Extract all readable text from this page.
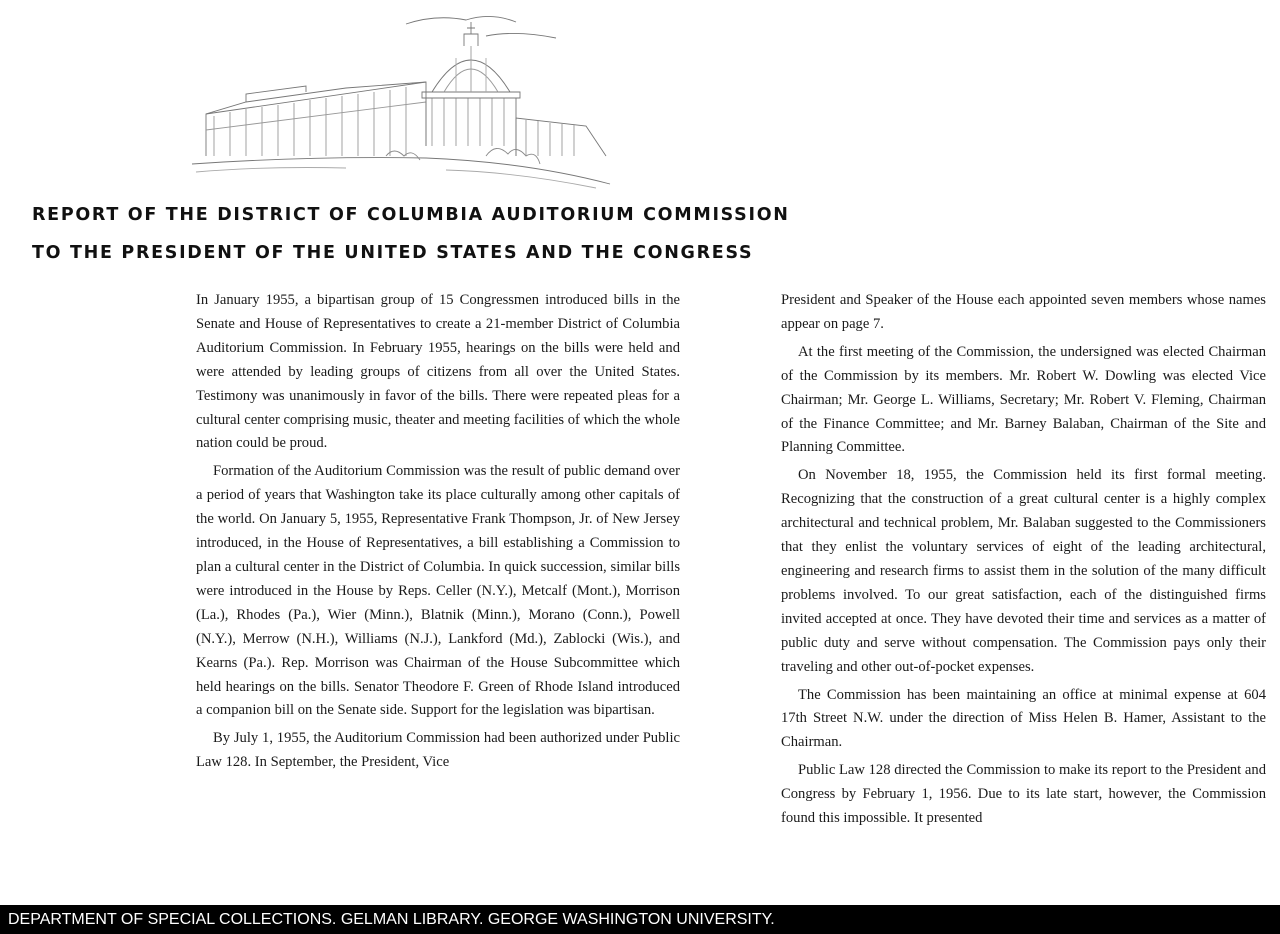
REPORT OF THE DISTRICT OF COLUMBIA AUDITORIUM COMMISSION
TO THE PRESIDENT OF THE UNITED STATES AND THE CONGRESS

In January 1955, a bipartisan group of 15 Congressmen introduced bills in the Senate and House of Representatives to create a 21-member District of Columbia Auditorium Commission. In February 1955, hearings on the bills were held and were attended by leading groups of citizens from all over the United States. Testimony was unanimously in favor of the bills. There were repeated pleas for a cultural center comprising music, theater and meeting facilities of which the whole nation could be proud.

Formation of the Auditorium Commission was the result of public demand over a period of years that Washington take its place culturally among other capitals of the world. On January 5, 1955, Representative Frank Thompson, Jr. of New Jersey introduced, in the House of Representatives, a bill establishing a Commission to plan a cultural center in the District of Columbia. In quick succession, similar bills were introduced in the House by Reps. Celler (N.Y.), Metcalf (Mont.), Morrison (La.), Rhodes (Pa.), Wier (Minn.), Blatnik (Minn.), Morano (Conn.), Powell (N.Y.), Merrow (N.H.), Williams (N.J.), Lankford (Md.), Zablocki (Wis.), and Kearns (Pa.). Rep. Morrison was Chairman of the House Subcommittee which held hearings on the bills. Senator Theodore F. Green of Rhode Island introduced a companion bill on the Senate side. Support for the legislation was bipartisan.

By July 1, 1955, the Auditorium Commission had been authorized under Public Law 128. In September, the President, Vice

President and Speaker of the House each appointed seven members whose names appear on page 7.

At the first meeting of the Commission, the undersigned was elected Chairman of the Commission by its members. Mr. Robert W. Dowling was elected Vice Chairman; Mr. George L. Williams, Secretary; Mr. Robert V. Fleming, Chairman of the Finance Committee; and Mr. Barney Balaban, Chairman of the Site and Planning Committee.

On November 18, 1955, the Commission held its first formal meeting. Recognizing that the construction of a great cultural center is a highly complex architectural and technical problem, Mr. Balaban suggested to the Commissioners that they enlist the voluntary services of eight of the leading architectural, engineering and research firms to assist them in the solution of the many difficult problems involved. To our great satisfaction, each of the distinguished firms invited accepted at once. They have devoted their time and services as a matter of public duty and serve without compensation. The Commission pays only their traveling and other out-of-pocket expenses.

The Commission has been maintaining an office at minimal expense at 604 17th Street N.W. under the direction of Miss Helen B. Hamer, Assistant to the Chairman.

Public Law 128 directed the Commission to make its report to the President and Congress by February 1, 1956. Due to its late start, however, the Commission found this impossible. It presented

DEPARTMENT OF SPECIAL COLLECTIONS. GELMAN LIBRARY. GEORGE WASHINGTON UNIVERSITY.
